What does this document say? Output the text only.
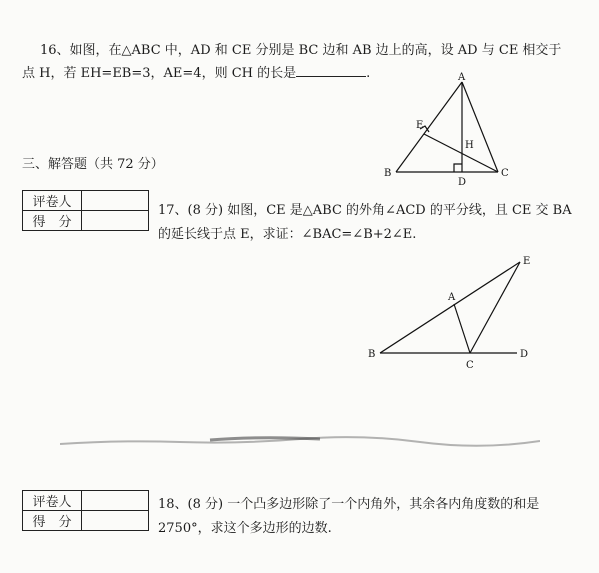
16、如图，在△ABC 中，AD 和 CE 分别是 BC 边和 AB 边上的高，设 AD 与 CE 相交于
点 H，若 EH=EB=3，AE=4，则 CH 的长是	.	A
B	C
D
E
H
三、解答题（共 72 分）
评卷人	
得　分	
17、(8 分) 如图，CE 是△ABC 的外角∠ACD 的平分线，且 CE 交 BA
的延长线于点 E，求证：∠BAC=∠B+2∠E.
A
B
C
D
E
评卷人	
得　分	
18、(8 分) 一个凸多边形除了一个内角外，其余各内角度数的和是
2750°，求这个多边形的边数.
